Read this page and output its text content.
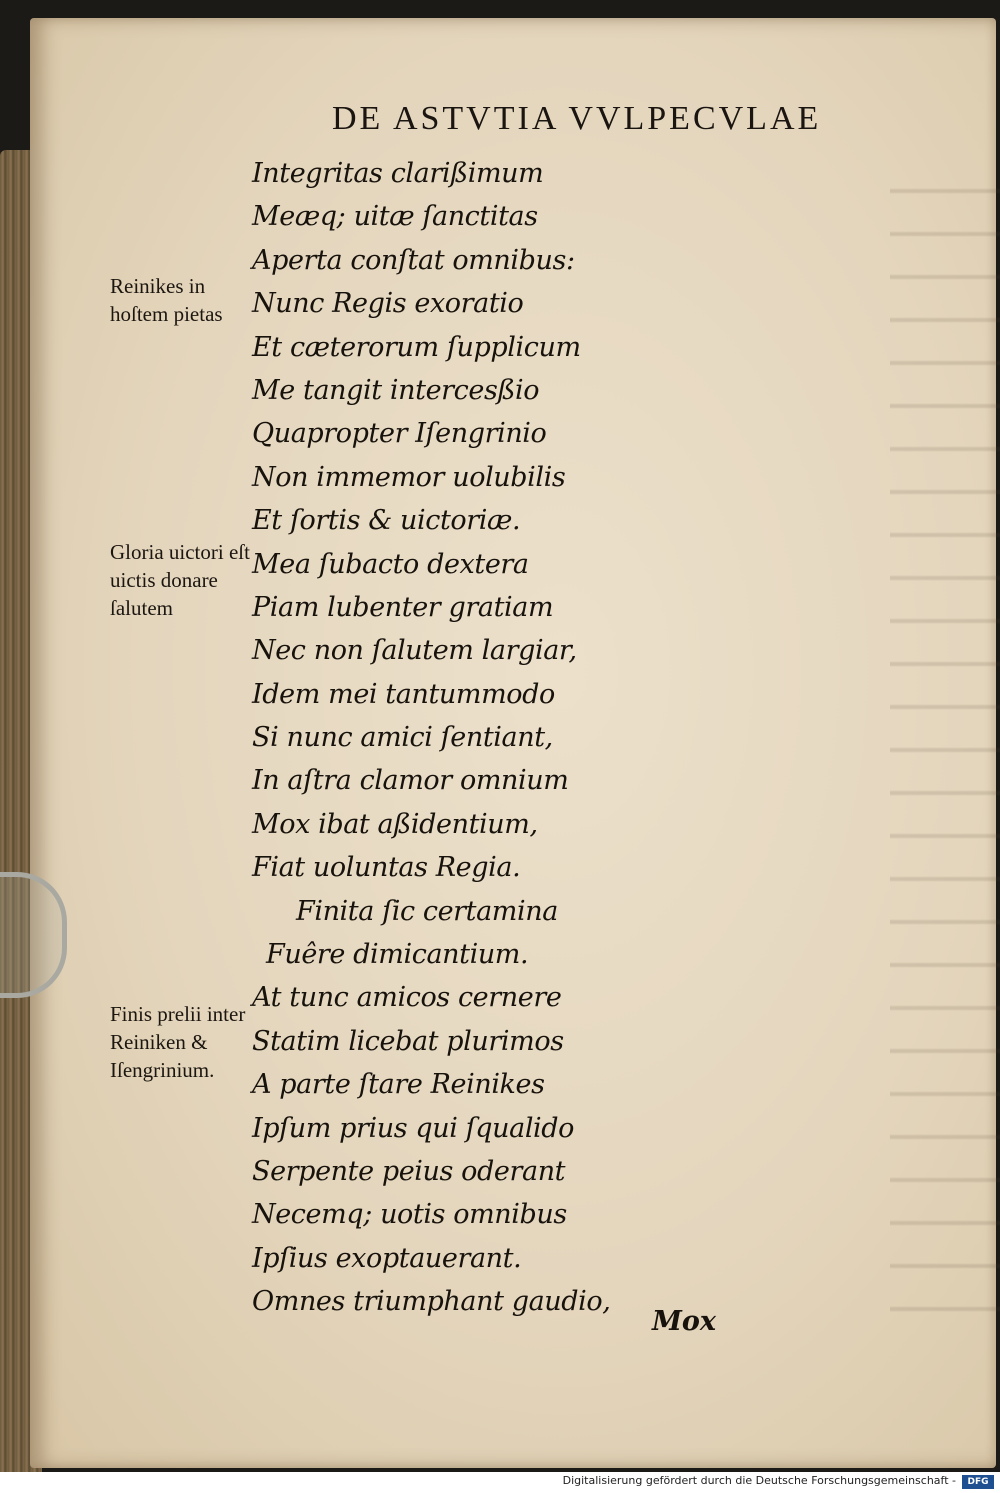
DE ASTVTIA VVLPECVLAE
Integritas clarißimum
Meæq; uitæ ſanctitas
Aperta conſtat omnibus:
Nunc Regis exoratio
Et cæterorum ſupplicum
Me tangit intercesßio
Quapropter Iſengrinio
Non immemor uolubilis
Et ſortis & uictoriæ.
Mea ſubacto dextera
Piam lubenter gratiam
Nec non ſalutem largiar,
Idem mei tantummodo
Si nunc amici ſentiant,
In aſtra clamor omnium
Mox ibat aßidentium,
Fiat uoluntas Regia.
Finita ſic certamina
Fuêre dimicantium.
At tunc amicos cernere
Statim licebat plurimos
A parte ſtare Reinikes
Ipſum prius qui ſqualido
Serpente peius oderant
Necemq; uotis omnibus
Ipſius exoptauerant.
Omnes triumphant gaudio,
Reinikes in hoſtem pietas
Gloria uictori eſt uictis donare ſalutem
Finis prelii inter Reiniken & Iſengrinium.
Mox
Digitalisierung gefördert durch die Deutsche Forschungsgemeinschaft -	DFG
